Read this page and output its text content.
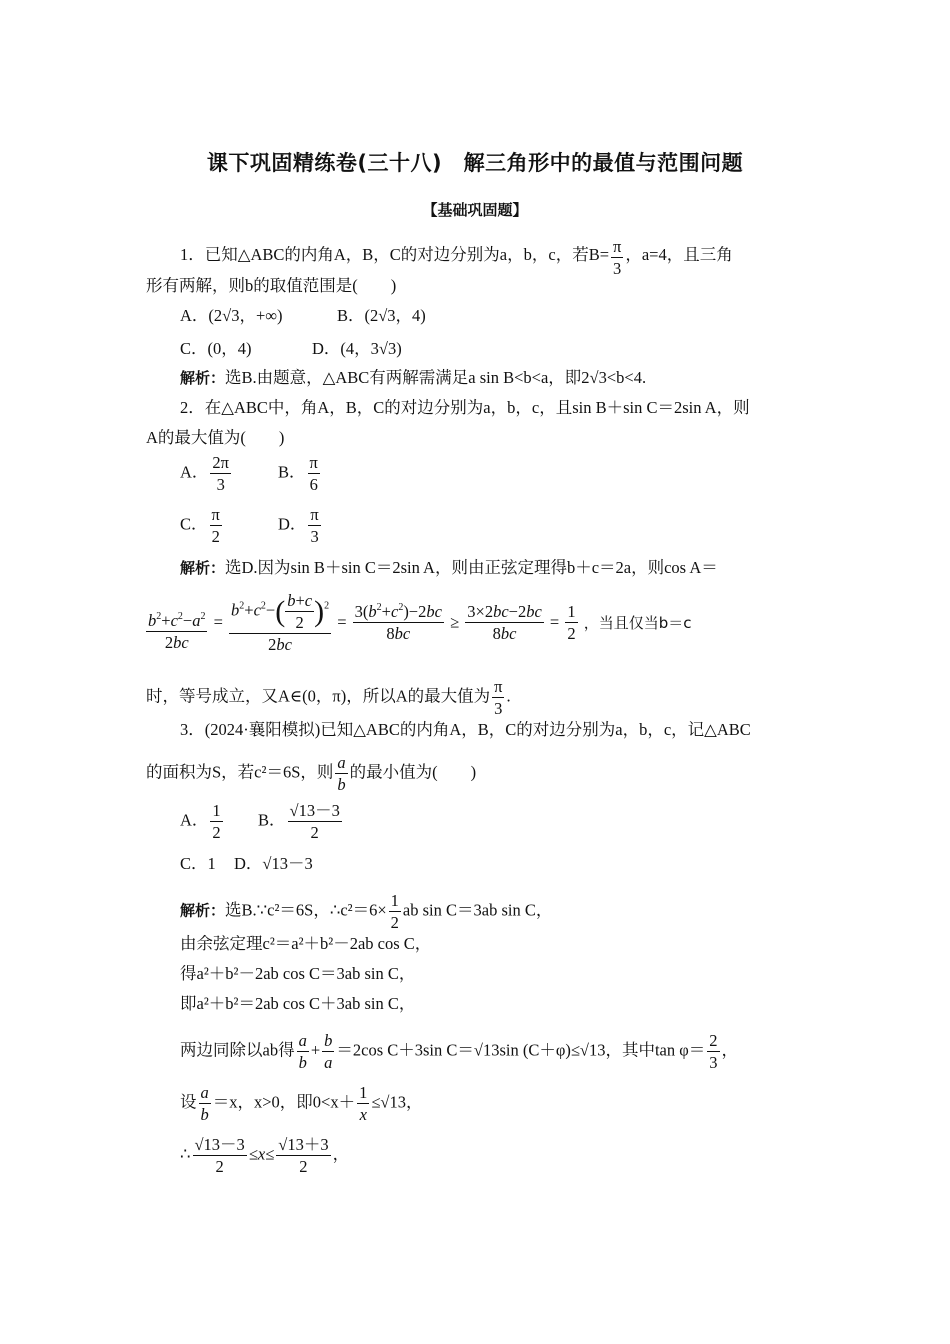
课下巩固精练卷(三十八)　解三角形中的最值与范围问题
【基础巩固题】
1．已知△ABC的内角A，B，C的对边分别为a，b，c，若$B= \frac{\pi}{3}$ ，a=4，且三角
形有两解，则b的取值范围是(　　)
A．(2√3，+∞)	B．(2√3，4)
C．(0，4)	D．(4，3√3)
解析：选B.由题意，△ABC有两解需满足a sin B<b<a，即2√3<b<4.
2．在△ABC中，角A，B，C的对边分别为a，b，c，且sin B＋sin C＝2sin A，则
A的最大值为(　　)
A． $\frac{2\pi}{3}$	B． $\frac{\pi}{6}$
C． $\frac{\pi}{2}$	D． $\frac{\pi}{3}$
解析：选D.因为sin B＋sin C＝2sin A，则由正弦定理得b＋c＝2a，则cos A＝
$\frac{b^2+c^2-a^2}{2bc} = \frac{b^2+c^2-( \frac{b+c}{2} )^2}{2bc} = \frac{3(b^2+c^2)-2bc}{8bc} \ge \frac{3\times 2bc-2bc}{8bc} = \frac{1}{2}$ ，当且仅当b＝c
时，等号成立，又A∈(0，π)，所以A的最大值为 $\frac{\pi}{3}$ .
3．(2024·襄阳模拟)已知△ABC的内角A，B，C的对边分别为a，b，c，记△ABC
的面积为S，若c²＝6S，则 $\frac{a}{b}$ 的最小值为(　　)
A． $\frac{1}{2}$ B． $\frac{√13-3}{2}$
C．1 D．√13－3
解析：选B.∵c²＝6S，∴c²＝6× $\frac{1}{2}$ ab sin C＝3ab sin C，
由余弦定理c²＝a²＋b²－2ab cos C，
得a²＋b²－2ab cos C＝3ab sin C，
即a²＋b²＝2ab cos C＋3ab sin C，
两边同除以ab得 $\frac{a}{b} + \frac{b}{a} =2\cos$ C＋3sin C＝√13sin (C＋φ)≤√13，其中$\tan \varphi= \frac{2}{3}$ ，
设 $\frac{a}{b} =x$，x>0，即$0<x+ \frac{1}{x} \le√13$，
∴ $\frac{√13-3}{2} \le x\le \frac{√13+3}{2}$ ，
